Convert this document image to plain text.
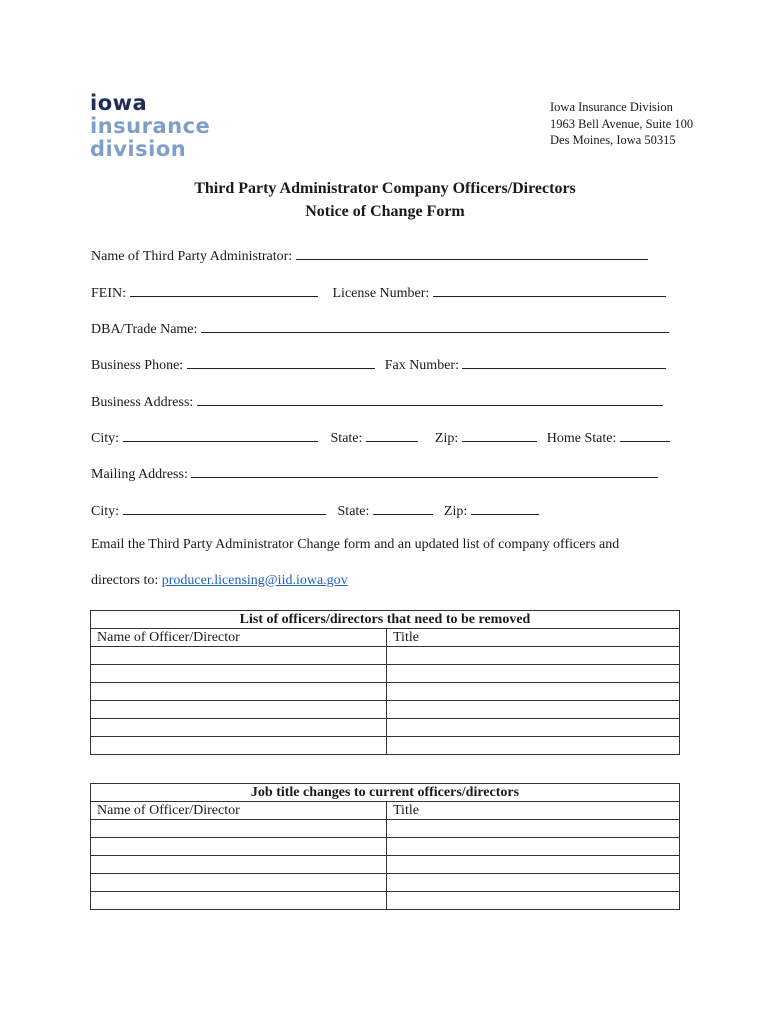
iowa
insurance
division
Iowa Insurance Division
1963 Bell Avenue, Suite 100
Des Moines, Iowa 50315
Third Party Administrator Company Officers/Directors
Notice of Change Form
Name of Third Party Administrator:
FEIN:	License Number:
DBA/Trade Name:
Business Phone:	Fax Number:
Business Address:
City:	State:	Zip:	Home State:
Mailing Address:
City:	State:	Zip:
Email the Third Party Administrator Change form and an updated list of company officers and
directors to: producer.licensing@iid.iowa.gov
List of officers/directors that need to be removed	
Name of Officer/Director	Title

Job title changes to current officers/directors	
Name of Officer/Director	Title
